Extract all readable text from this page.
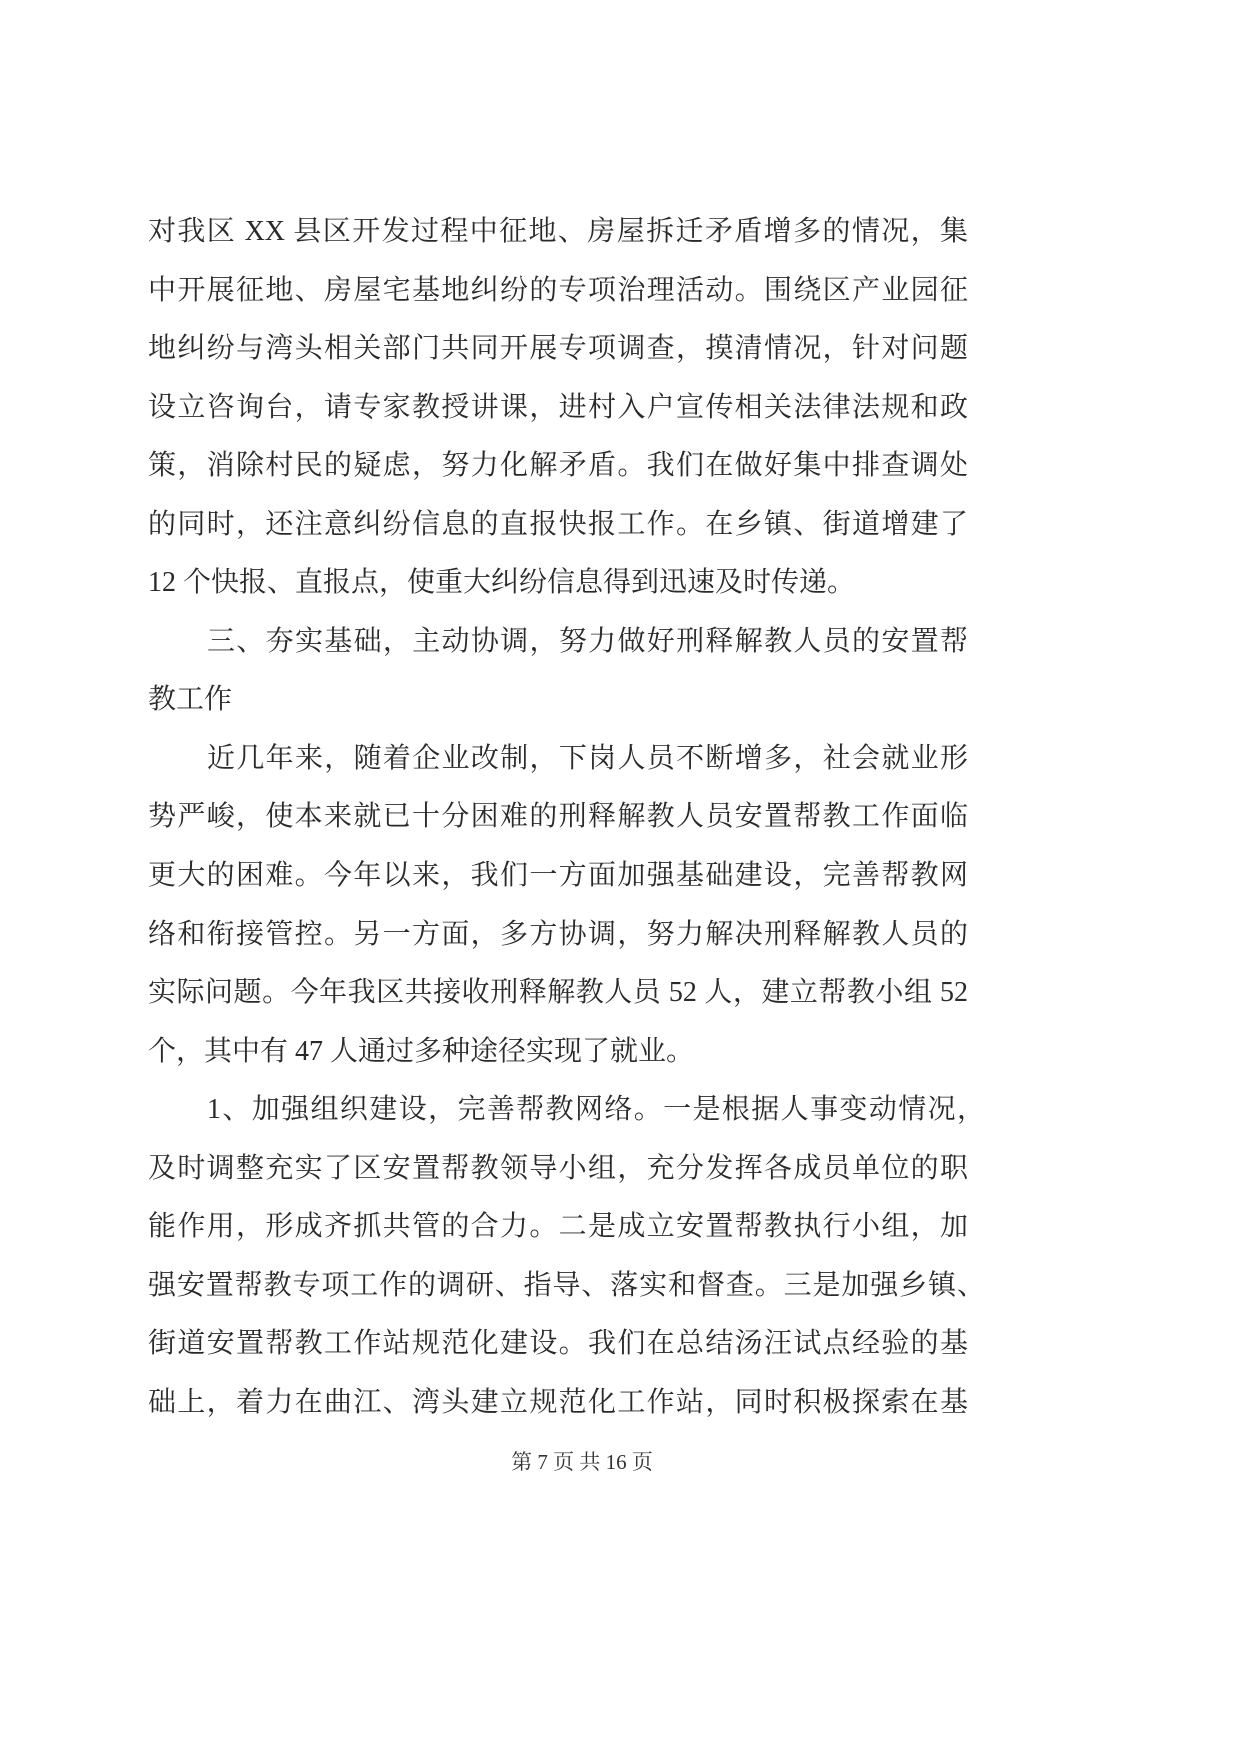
对我区 XX 县区开发过程中征地、房屋拆迁矛盾增多的情况，集
中开展征地、房屋宅基地纠纷的专项治理活动。围绕区产业园征
地纠纷与湾头相关部门共同开展专项调查，摸清情况，针对问题
设立咨询台，请专家教授讲课，进村入户宣传相关法律法规和政
策，消除村民的疑虑，努力化解矛盾。我们在做好集中排查调处
的同时，还注意纠纷信息的直报快报工作。在乡镇、街道增建了
12 个快报、直报点，使重大纠纷信息得到迅速及时传递。
三、夯实基础，主动协调，努力做好刑释解教人员的安置帮
教工作
近几年来，随着企业改制，下岗人员不断增多，社会就业形
势严峻，使本来就已十分困难的刑释解教人员安置帮教工作面临
更大的困难。今年以来，我们一方面加强基础建设，完善帮教网
络和衔接管控。另一方面，多方协调，努力解决刑释解教人员的
实际问题。今年我区共接收刑释解教人员 52 人，建立帮教小组 52
个，其中有 47 人通过多种途径实现了就业。
1、加强组织建设，完善帮教网络。一是根据人事变动情况，
及时调整充实了区安置帮教领导小组，充分发挥各成员单位的职
能作用，形成齐抓共管的合力。二是成立安置帮教执行小组，加
强安置帮教专项工作的调研、指导、落实和督查。三是加强乡镇、
街道安置帮教工作站规范化建设。我们在总结汤汪试点经验的基
础上，着力在曲江、湾头建立规范化工作站，同时积极探索在基
第 7 页 共 16 页
